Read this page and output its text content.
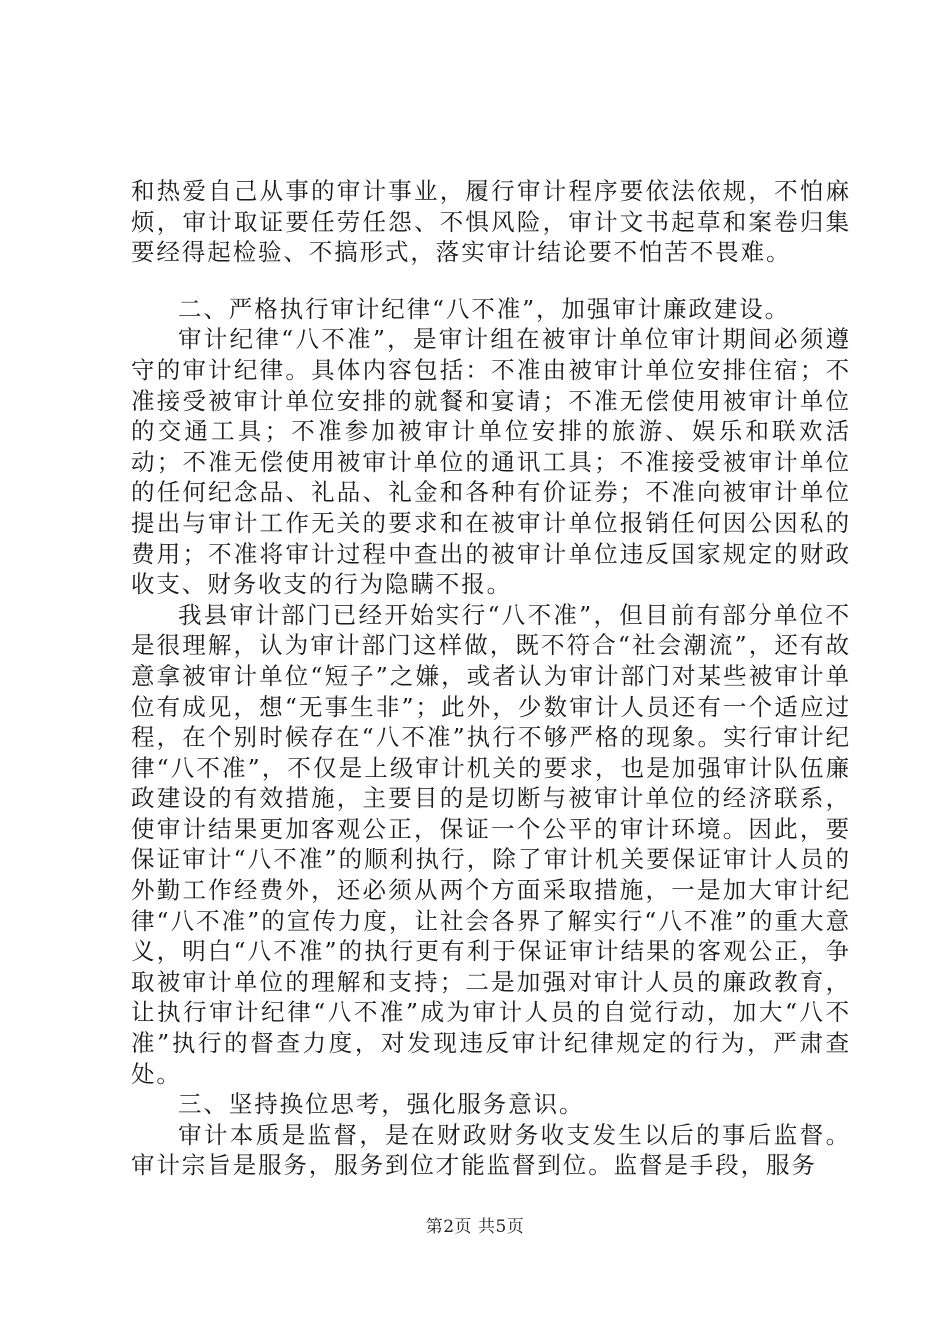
和热爱自己从事的审计事业，履行审计程序要依法依规，不怕麻烦，审计取证要任劳任怨、不惧风险，审计文书起草和案卷归集要经得起检验、不搞形式，落实审计结论要不怕苦不畏难。

二、严格执行审计纪律“八不准”，加强审计廉政建设。

审计纪律“八不准”，是审计组在被审计单位审计期间必须遵守的审计纪律。具体内容包括：不准由被审计单位安排住宿；不准接受被审计单位安排的就餐和宴请；不准无偿使用被审计单位的交通工具；不准参加被审计单位安排的旅游、娱乐和联欢活动；不准无偿使用被审计单位的通讯工具；不准接受被审计单位的任何纪念品、礼品、礼金和各种有价证券；不准向被审计单位提出与审计工作无关的要求和在被审计单位报销任何因公因私的费用；不准将审计过程中查出的被审计单位违反国家规定的财政收支、财务收支的行为隐瞒不报。

我县审计部门已经开始实行“八不准”，但目前有部分单位不是很理解，认为审计部门这样做，既不符合“社会潮流”，还有故意拿被审计单位“短子”之嫌，或者认为审计部门对某些被审计单位有成见，想“无事生非”；此外，少数审计人员还有一个适应过程，在个别时候存在“八不准”执行不够严格的现象。实行审计纪律“八不准”，不仅是上级审计机关的要求，也是加强审计队伍廉政建设的有效措施，主要目的是切断与被审计单位的经济联系，使审计结果更加客观公正，保证一个公平的审计环境。因此，要保证审计“八不准”的顺利执行，除了审计机关要保证审计人员的外勤工作经费外，还必须从两个方面采取措施，一是加大审计纪律“八不准”的宣传力度，让社会各界了解实行“八不准”的重大意义，明白“八不准”的执行更有利于保证审计结果的客观公正，争取被审计单位的理解和支持；二是加强对审计人员的廉政教育，让执行审计纪律“八不准”成为审计人员的自觉行动，加大“八不准”执行的督查力度，对发现违反审计纪律规定的行为，严肃查处。

三、坚持换位思考，强化服务意识。

审计本质是监督，是在财政财务收支发生以后的事后监督。审计宗旨是服务，服务到位才能监督到位。监督是手段，服务

第2页 共5页
